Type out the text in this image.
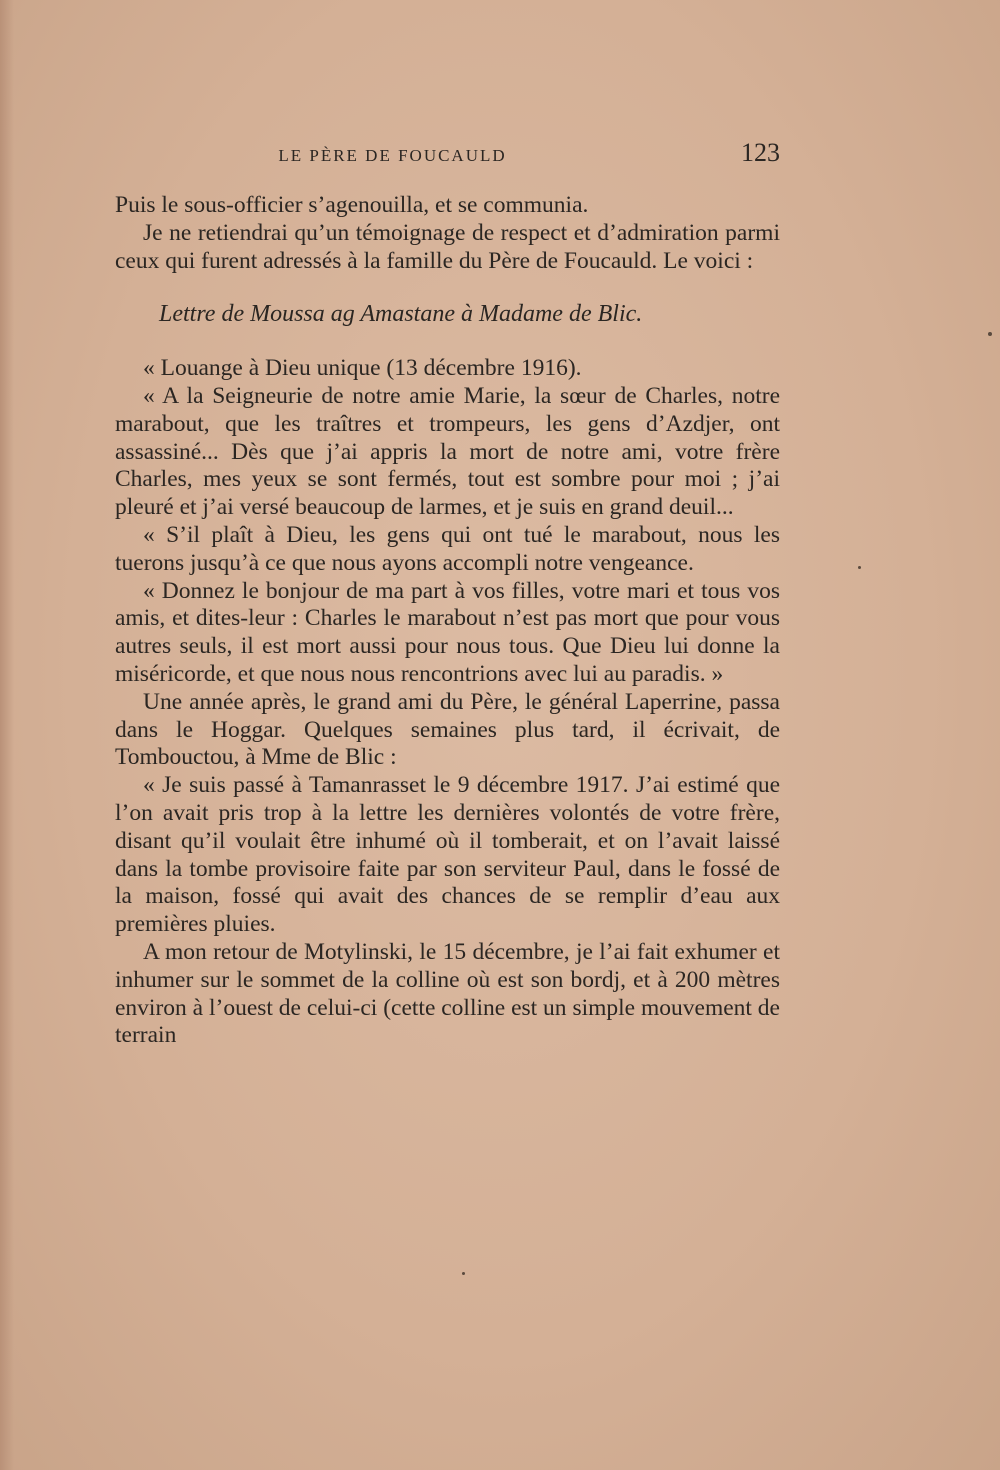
LE PÈRE DE FOUCAULD	123

Puis le sous-officier s’agenouilla, et se communia.

Je ne retiendrai qu’un témoignage de respect et d’admiration parmi ceux qui furent adressés à la famille du Père de Foucauld. Le voici :

Lettre de Moussa ag Amastane à Madame de Blic.

« Louange à Dieu unique (13 décembre 1916).

« A la Seigneurie de notre amie Marie, la sœur de Charles, notre marabout, que les traîtres et trompeurs, les gens d’Azdjer, ont assassiné... Dès que j’ai appris la mort de notre ami, votre frère Charles, mes yeux se sont fermés, tout est sombre pour moi ; j’ai pleuré et j’ai versé beaucoup de larmes, et je suis en grand deuil...

« S’il plaît à Dieu, les gens qui ont tué le marabout, nous les tuerons jusqu’à ce que nous ayons accompli notre vengeance.

« Donnez le bonjour de ma part à vos filles, votre mari et tous vos amis, et dites-leur : Charles le marabout n’est pas mort que pour vous autres seuls, il est mort aussi pour nous tous. Que Dieu lui donne la miséricorde, et que nous nous rencontrions avec lui au paradis. »

Une année après, le grand ami du Père, le général Laperrine, passa dans le Hoggar. Quelques semaines plus tard, il écrivait, de Tombouctou, à Mme de Blic :

« Je suis passé à Tamanrasset le 9 décembre 1917. J’ai estimé que l’on avait pris trop à la lettre les dernières volontés de votre frère, disant qu’il voulait être inhumé où il tomberait, et on l’avait laissé dans la tombe provisoire faite par son serviteur Paul, dans le fossé de la maison, fossé qui avait des chances de se remplir d’eau aux premières pluies.

A mon retour de Motylinski, le 15 décembre, je l’ai fait exhumer et inhumer sur le sommet de la colline où est son bordj, et à 200 mètres environ à l’ouest de celui-ci (cette colline est un simple mouvement de terrain
